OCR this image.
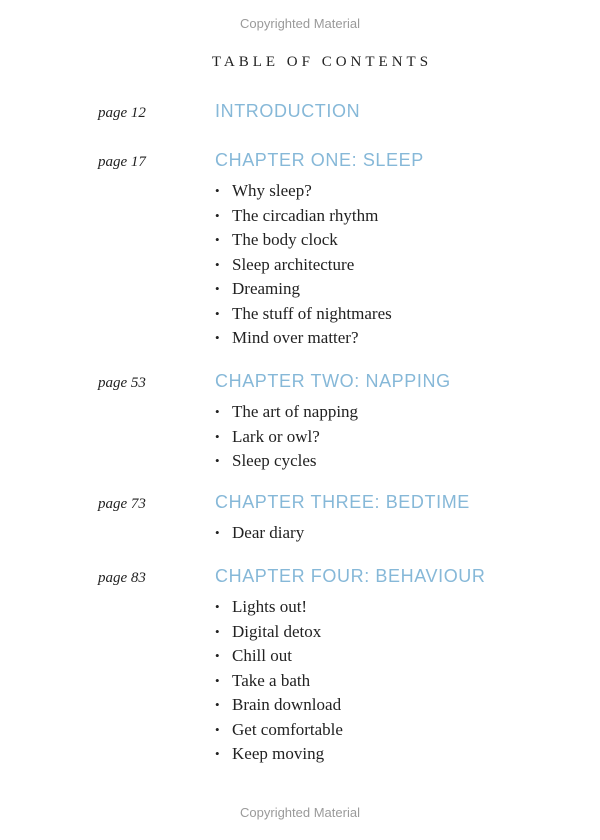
Copyrighted Material
TABLE OF CONTENTS
page 12	INTRODUCTION
page 17	CHAPTER ONE: SLEEP
• Why sleep?
• The circadian rhythm
• The body clock
• Sleep architecture
• Dreaming
• The stuff of nightmares
• Mind over matter?
page 53	CHAPTER TWO: NAPPING
• The art of napping
• Lark or owl?
• Sleep cycles
page 73	CHAPTER THREE: BEDTIME
• Dear diary
page 83	CHAPTER FOUR: BEHAVIOUR
• Lights out!
• Digital detox
• Chill out
• Take a bath
• Brain download
• Get comfortable
• Keep moving
Copyrighted Material
